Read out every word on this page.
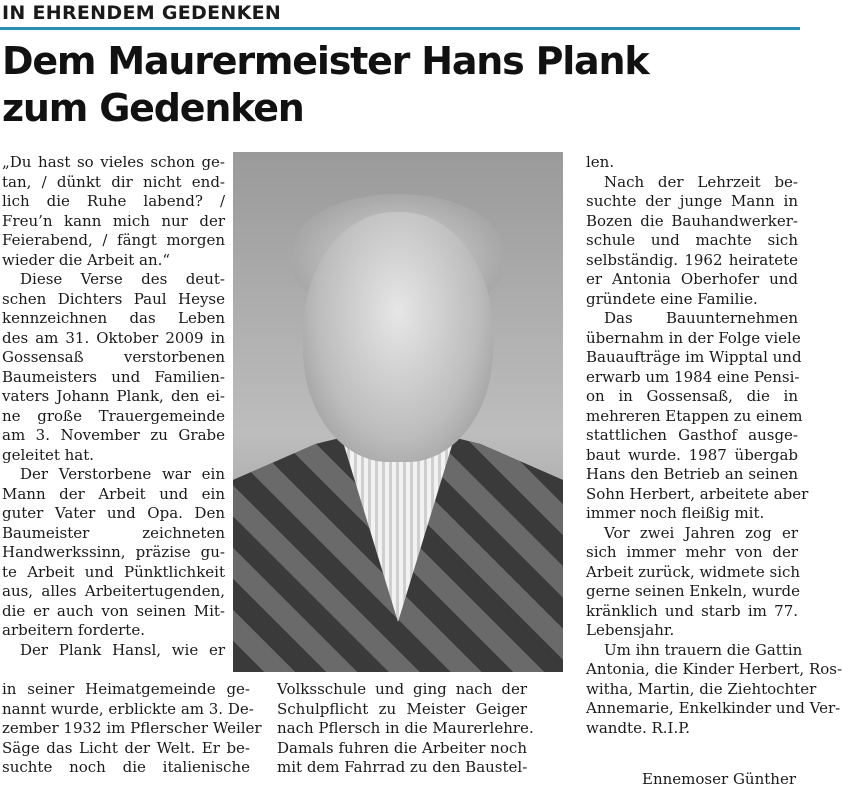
IN EHRENDEM GEDENKEN
Dem Maurermeister Hans Plank
zum Gedenken
„Du hast so vieles schon ge-
tan, / dünkt dir nicht end-
lich die Ruhe labend? /
Freu’n kann mich nur der
Feierabend, / fängt morgen
wieder die Arbeit an.“
Diese Verse des deut-
schen Dichters Paul Heyse
kennzeichnen das Leben
des am 31. Oktober 2009 in
Gossensaß verstorbenen
Baumeisters und Familien-
vaters Johann Plank, den ei-
ne große Trauergemeinde
am 3. November zu Grabe
geleitet hat.
Der Verstorbene war ein
Mann der Arbeit und ein
guter Vater und Opa. Den
Baumeister zeichneten
Handwerkssinn, präzise gu-
te Arbeit und Pünktlichkeit
aus, alles Arbeitertugenden,
die er auch von seinen Mit-
arbeitern forderte.
Der Plank Hansl, wie er
in seiner Heimatgemeinde ge-
nannt wurde, erblickte am 3. De-
zember 1932 im Pflerscher Weiler
Säge das Licht der Welt. Er be-
suchte noch die italienische
Volksschule und ging nach der
Schulpflicht zu Meister Geiger
nach Pflersch in die Maurerlehre.
Damals fuhren die Arbeiter noch
mit dem Fahrrad zu den Baustel-
len.
Nach der Lehrzeit be-
suchte der junge Mann in
Bozen die Bauhandwerker-
schule und machte sich
selbständig. 1962 heiratete
er Antonia Oberhofer und
gründete eine Familie.
Das Bauunternehmen
übernahm in der Folge viele
Bauaufträge im Wipptal und
erwarb um 1984 eine Pensi-
on in Gossensaß, die in
mehreren Etappen zu einem
stattlichen Gasthof ausge-
baut wurde. 1987 übergab
Hans den Betrieb an seinen
Sohn Herbert, arbeitete aber
immer noch fleißig mit.
Vor zwei Jahren zog er
sich immer mehr von der
Arbeit zurück, widmete sich
gerne seinen Enkeln, wurde
kränklich und starb im 77.
Lebensjahr.
Um ihn trauern die Gattin
Antonia, die Kinder Herbert, Ros-
witha, Martin, die Ziehtochter
Annemarie, Enkelkinder und Ver-
wandte. R.I.P.
Ennemoser Günther
